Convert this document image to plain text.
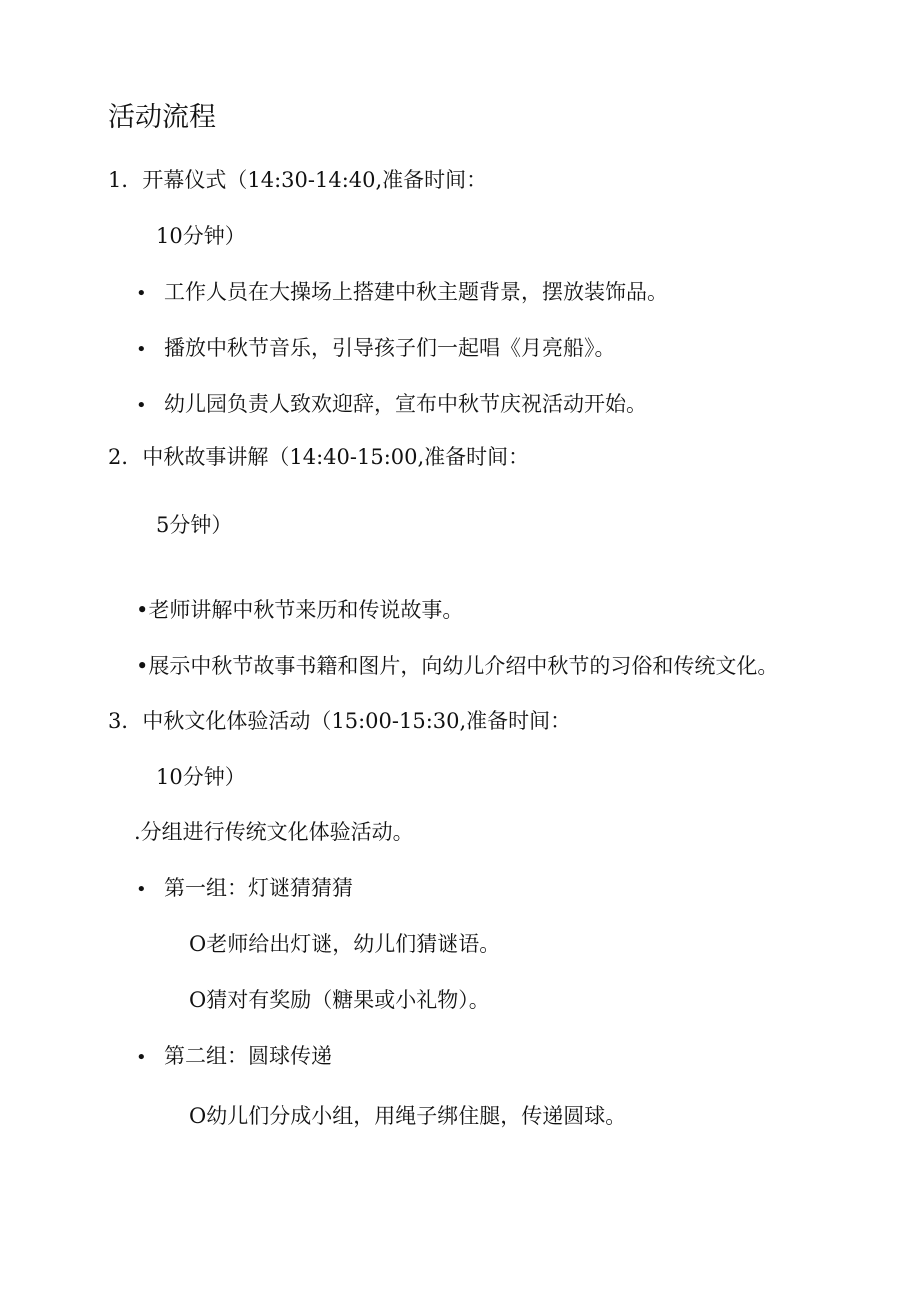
活动流程
1．开幕仪式（14:30-14:40,准备时间：
10分钟）
• 工作人员在大操场上搭建中秋主题背景，摆放装饰品。
• 播放中秋节音乐，引导孩子们一起唱《月亮船》。
• 幼儿园负责人致欢迎辞，宣布中秋节庆祝活动开始。
2．中秋故事讲解（14:40-15:00,准备时间：
5分钟）
•老师讲解中秋节来历和传说故事。
•展示中秋节故事书籍和图片，向幼儿介绍中秋节的习俗和传统文化。
3．中秋文化体验活动（15:00-15:30,准备时间：
10分钟）
.分组进行传统文化体验活动。
• 第一组：灯谜猜猜猜
O老师给出灯谜，幼儿们猜谜语。
O猜对有奖励（糖果或小礼物）。
• 第二组：圆球传递
O幼儿们分成小组，用绳子绑住腿，传递圆球。
